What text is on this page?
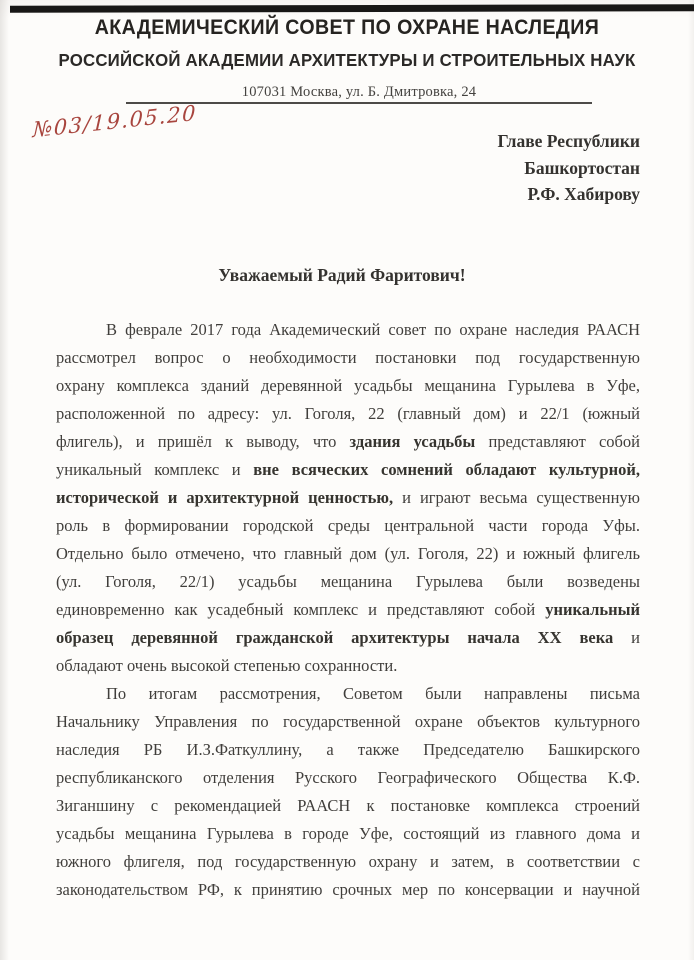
АКАДЕМИЧЕСКИЙ СОВЕТ ПО ОХРАНЕ НАСЛЕДИЯ
РОССИЙСКОЙ АКАДЕМИИ АРХИТЕКТУРЫ И СТРОИТЕЛЬНЫХ НАУК
107031 Москва, ул. Б. Дмитровка, 24
№03/19.05.20	Главе Республики
Башкортостан
Р.Ф. Хабирову
Уважаемый Радий Фаритович!
В феврале 2017 года Академический совет по охране наследия РААСН
рассмотрел вопрос о необходимости постановки под государственную
охрану комплекса зданий деревянной усадьбы мещанина Гурылева в Уфе,
расположенной по адресу: ул. Гоголя, 22 (главный дом) и 22/1 (южный
флигель), и пришёл к выводу, что здания усадьбы представляют собой
уникальный комплекс и вне всяческих сомнений обладают культурной,
исторической и архитектурной ценностью, и играют весьма существенную
роль в формировании городской среды центральной части города Уфы.
Отдельно было отмечено, что главный дом (ул. Гоголя, 22) и южный флигель
(ул. Гоголя, 22/1) усадьбы мещанина Гурылева были возведены
единовременно как усадебный комплекс и представляют собой уникальный
образец деревянной гражданской архитектуры начала XX века и
обладают очень высокой степенью сохранности.
По итогам рассмотрения, Советом были направлены письма
Начальнику Управления по государственной охране объектов культурного
наследия РБ И.З.Фаткуллину, а также Председателю Башкирского
республиканского отделения Русского Географического Общества К.Ф.
Зиганшину с рекомендацией РААСН к постановке комплекса строений
усадьбы мещанина Гурылева в городе Уфе, состоящий из главного дома и
южного флигеля, под государственную охрану и затем, в соответствии с
законодательством РФ, к принятию срочных мер по консервации и научной
